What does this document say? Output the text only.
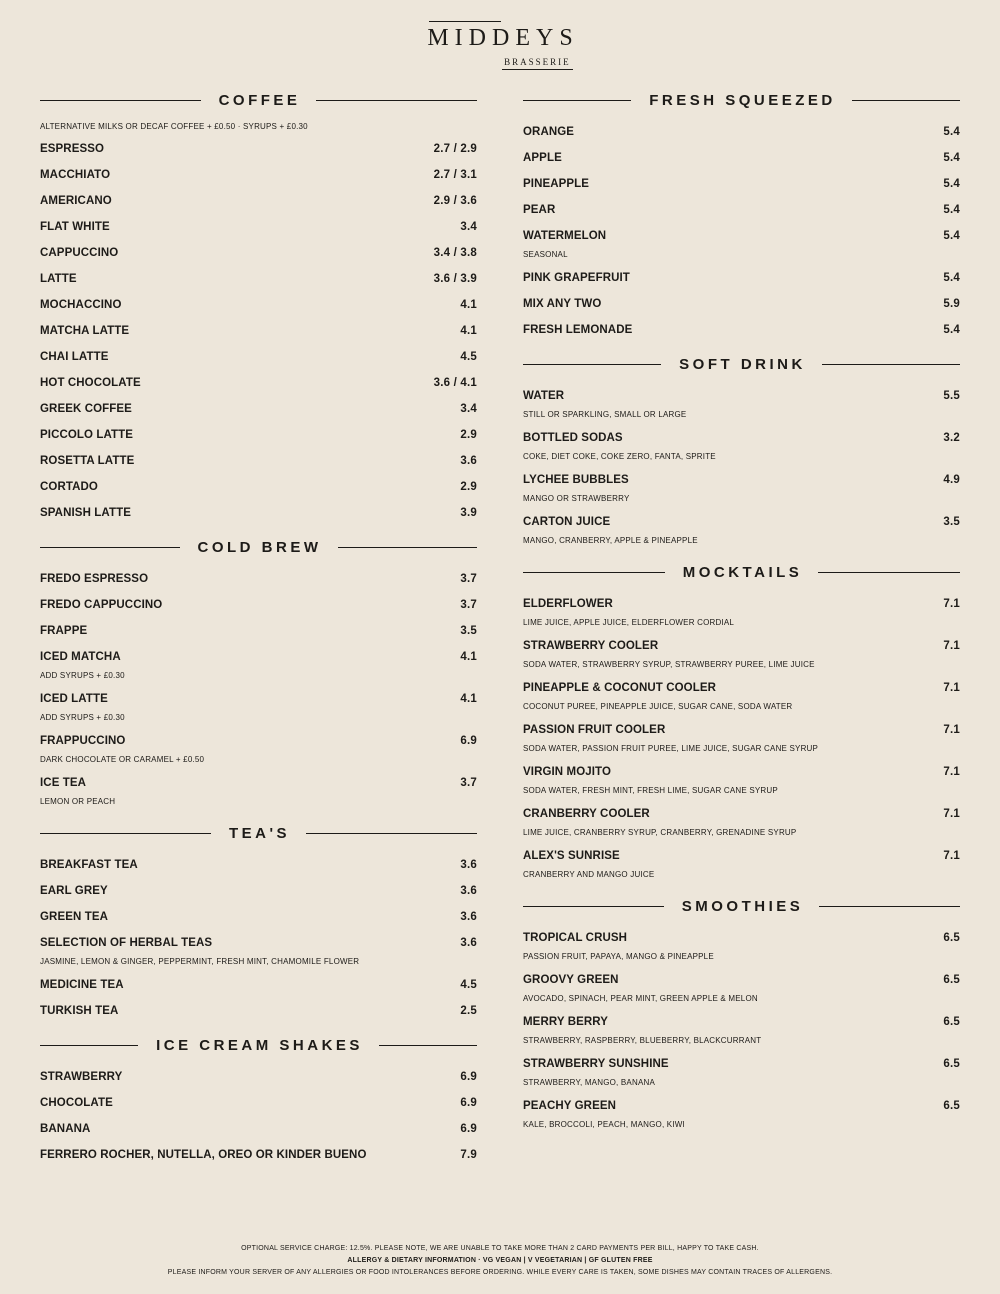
MIDDEYS
BRASSERIE
COFFEE
ALTERNATIVE MILKS OR DECAF COFFEE + £0.50 · SYRUPS + £0.30
ESPRESSO	2.7 / 2.9
MACCHIATO	2.7 / 3.1
AMERICANO	2.9 / 3.6
FLAT WHITE	3.4
CAPPUCCINO	3.4 / 3.8
LATTE	3.6 / 3.9
MOCHACCINO	4.1
MATCHA LATTE	4.1
CHAI LATTE	4.5
HOT CHOCOLATE	3.6 / 4.1
GREEK COFFEE	3.4
PICCOLO LATTE	2.9
ROSETTA LATTE	3.6
CORTADO	2.9
SPANISH LATTE	3.9
COLD BREW
FREDO ESPRESSO	3.7
FREDO CAPPUCCINO	3.7
FRAPPE	3.5
ICED MATCHA	4.1
ADD SYRUPS + £0.30
ICED LATTE	4.1
ADD SYRUPS + £0.30
FRAPPUCCINO	6.9
DARK CHOCOLATE OR CARAMEL + £0.50
ICE TEA	3.7
LEMON OR PEACH
TEA'S
BREAKFAST TEA	3.6
EARL GREY	3.6
GREEN TEA	3.6
SELECTION OF HERBAL TEAS	3.6
JASMINE, LEMON & GINGER, PEPPERMINT, FRESH MINT, CHAMOMILE FLOWER
MEDICINE TEA	4.5
TURKISH TEA	2.5
ICE CREAM SHAKES
STRAWBERRY	6.9
CHOCOLATE	6.9
BANANA	6.9
FERRERO ROCHER, NUTELLA, OREO OR KINDER BUENO	7.9
FRESH SQUEEZED
ORANGE	5.4
APPLE	5.4
PINEAPPLE	5.4
PEAR	5.4
WATERMELON	5.4
SEASONAL
PINK GRAPEFRUIT	5.4
MIX ANY TWO	5.9
FRESH LEMONADE	5.4
SOFT DRINK
WATER	5.5
STILL OR SPARKLING, SMALL OR LARGE
BOTTLED SODAS	3.2
COKE, DIET COKE, COKE ZERO, FANTA, SPRITE
LYCHEE BUBBLES	4.9
MANGO OR STRAWBERRY
CARTON JUICE	3.5
MANGO, CRANBERRY, APPLE & PINEAPPLE
MOCKTAILS
ELDERFLOWER	7.1
LIME JUICE, APPLE JUICE, ELDERFLOWER CORDIAL
STRAWBERRY COOLER	7.1
SODA WATER, STRAWBERRY SYRUP, STRAWBERRY PUREE, LIME JUICE
PINEAPPLE & COCONUT COOLER	7.1
COCONUT PUREE, PINEAPPLE JUICE, SUGAR CANE, SODA WATER
PASSION FRUIT COOLER	7.1
SODA WATER, PASSION FRUIT PUREE, LIME JUICE, SUGAR CANE SYRUP
VIRGIN MOJITO	7.1
SODA WATER, FRESH MINT, FRESH LIME, SUGAR CANE SYRUP
CRANBERRY COOLER	7.1
LIME JUICE, CRANBERRY SYRUP, CRANBERRY, GRENADINE SYRUP
ALEX'S SUNRISE	7.1
CRANBERRY AND MANGO JUICE
SMOOTHIES
TROPICAL CRUSH	6.5
PASSION FRUIT, PAPAYA, MANGO & PINEAPPLE
GROOVY GREEN	6.5
AVOCADO, SPINACH, PEAR MINT, GREEN APPLE & MELON
MERRY BERRY	6.5
STRAWBERRY, RASPBERRY, BLUEBERRY, BLACKCURRANT
STRAWBERRY SUNSHINE	6.5
STRAWBERRY, MANGO, BANANA
PEACHY GREEN	6.5
KALE, BROCCOLI, PEACH, MANGO, KIWI
OPTIONAL SERVICE CHARGE: 12.5%. PLEASE NOTE, WE ARE UNABLE TO TAKE MORE THAN 2 CARD PAYMENTS PER BILL, HAPPY TO TAKE CASH.
ALLERGY & DIETARY INFORMATION · VG VEGAN | V VEGETARIAN | GF GLUTEN FREE
PLEASE INFORM YOUR SERVER OF ANY ALLERGIES OR FOOD INTOLERANCES BEFORE ORDERING. WHILE EVERY CARE IS TAKEN, SOME DISHES MAY CONTAIN TRACES OF ALLERGENS.
